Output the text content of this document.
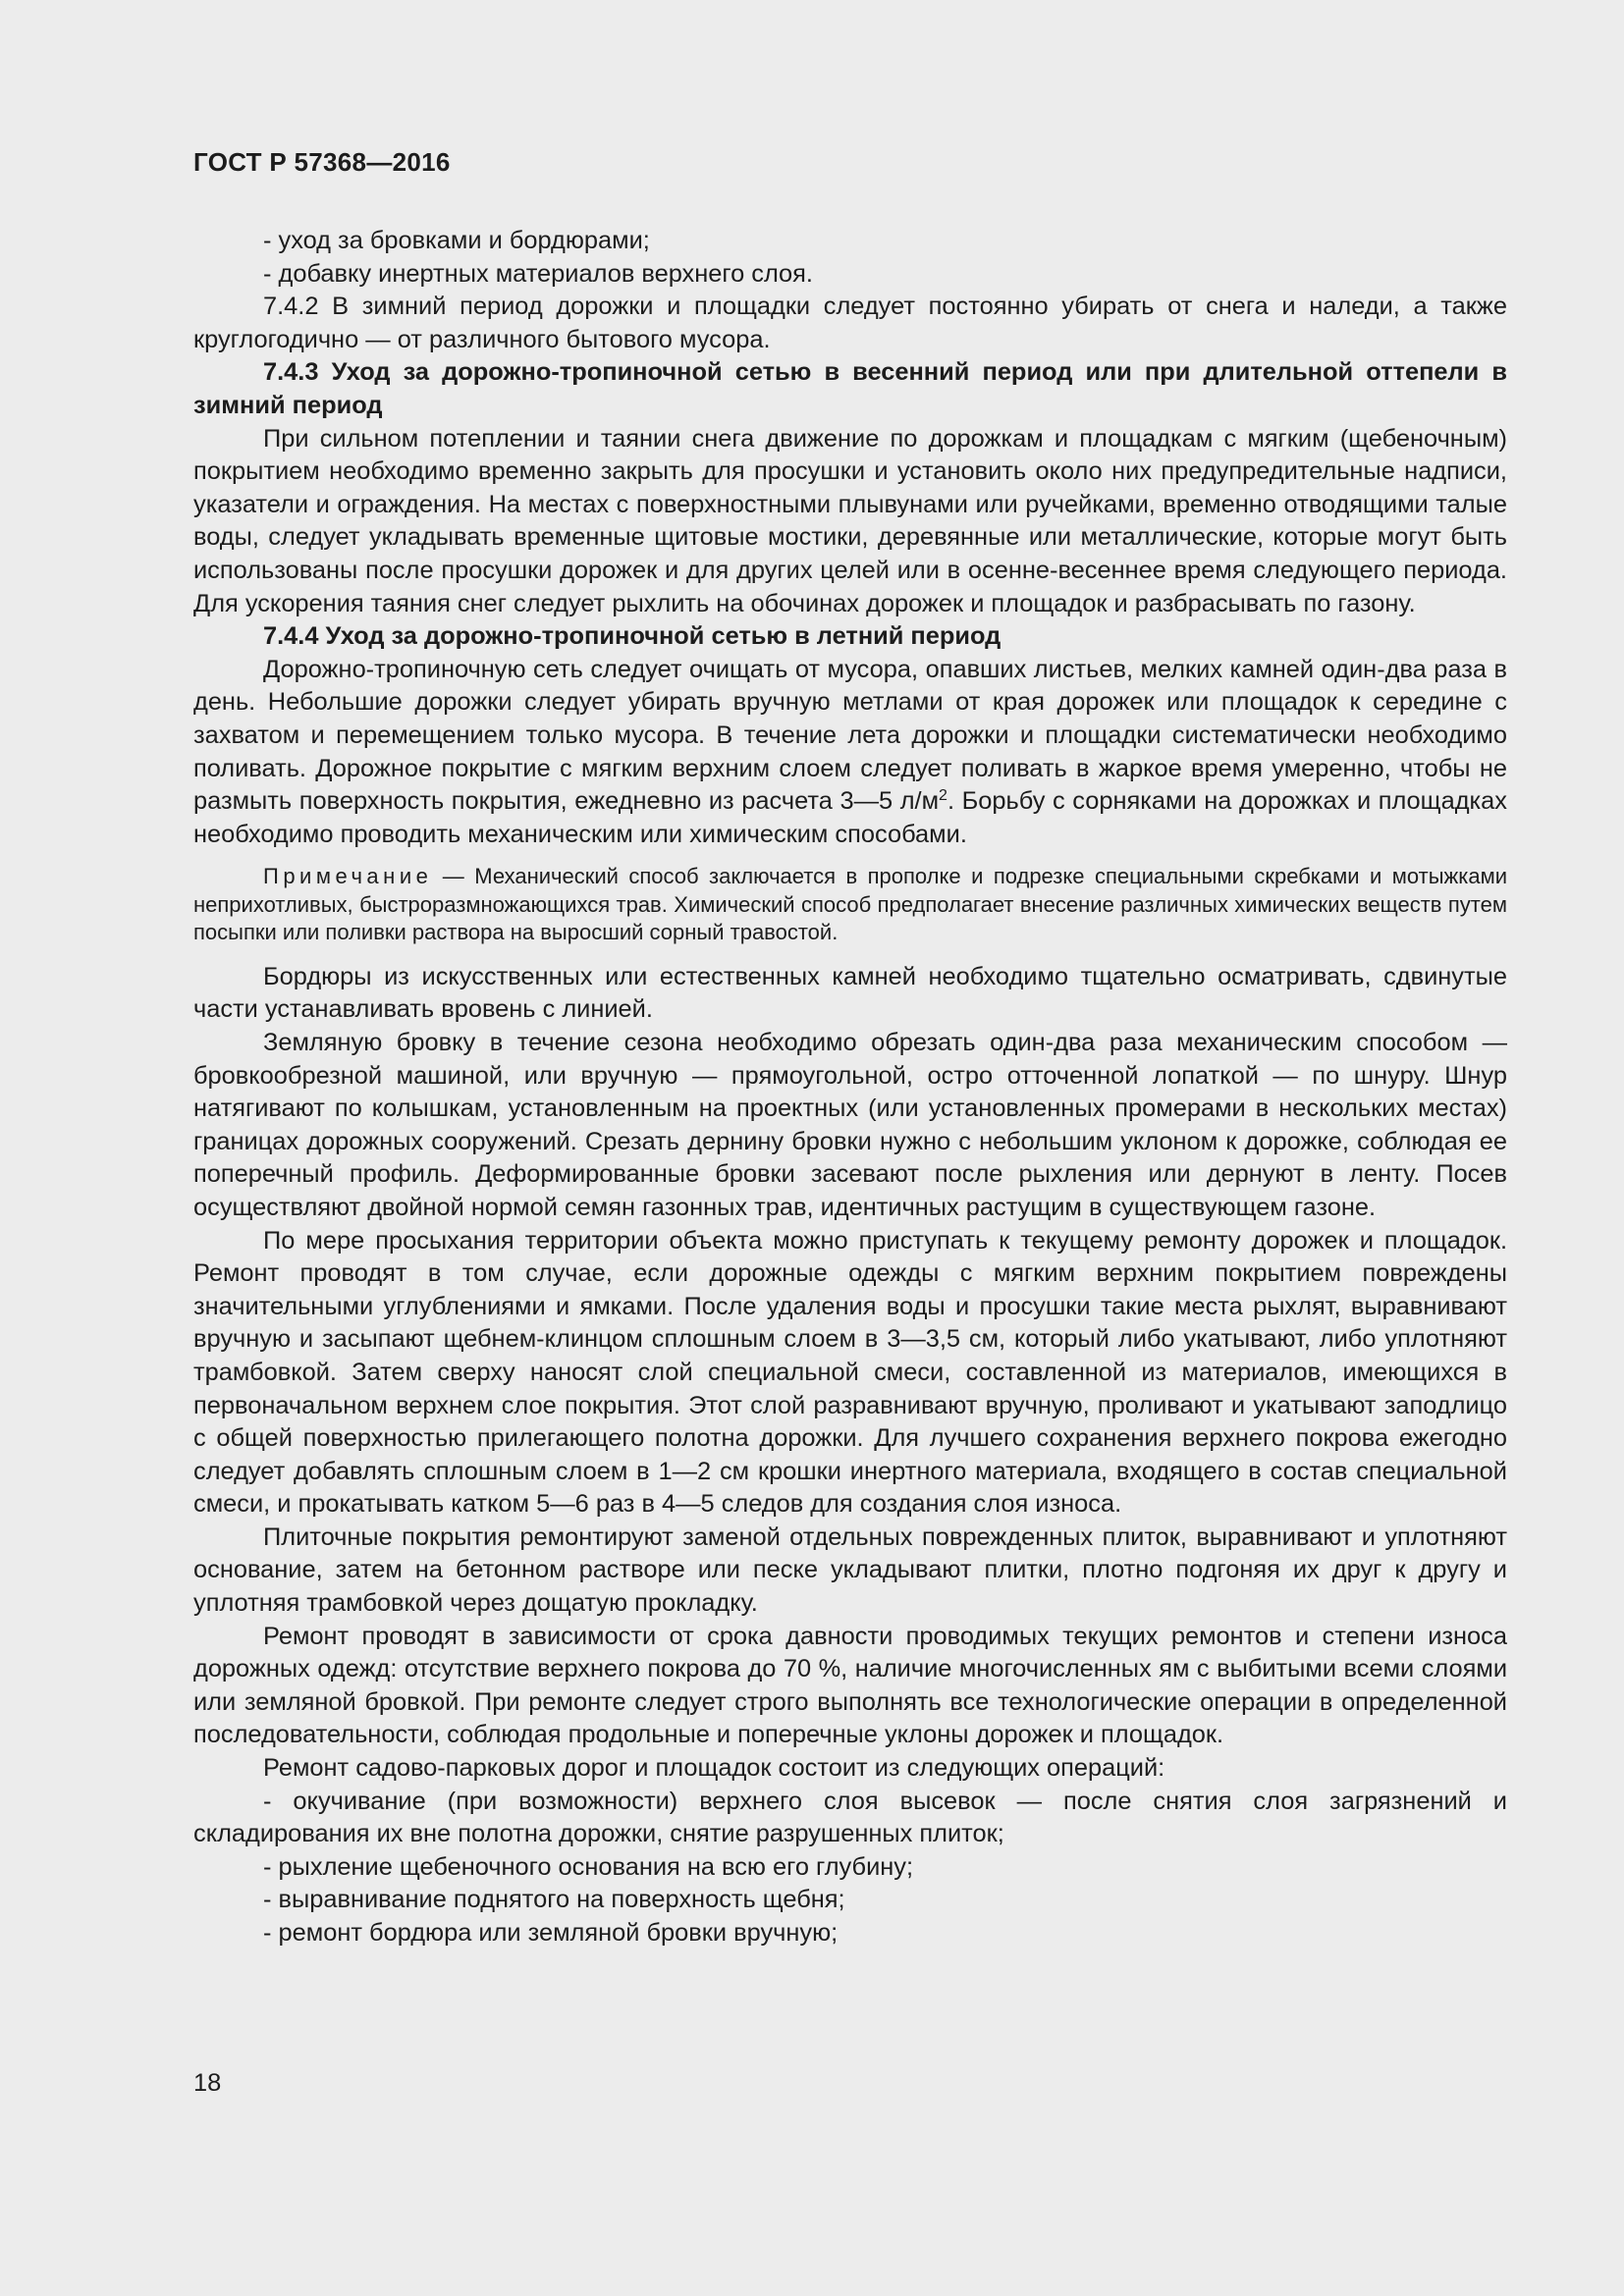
ГОСТ Р 57368—2016

- уход за бровками и бордюрами;

- добавку инертных материалов верхнего слоя.

7.4.2 В зимний период дорожки и площадки следует постоянно убирать от снега и наледи, а также круглогодично — от различного бытового мусора.

7.4.3 Уход за дорожно-тропиночной сетью в весенний период или при длительной оттепели в зимний период

При сильном потеплении и таянии снега движение по дорожкам и площадкам с мягким (щебеночным) покрытием необходимо временно закрыть для просушки и установить около них предупредительные надписи, указатели и ограждения. На местах с поверхностными плывунами или ручейками, временно отводящими талые воды, следует укладывать временные щитовые мостики, деревянные или металлические, которые могут быть использованы после просушки дорожек и для других целей или в осенне-весеннее время следующего периода. Для ускорения таяния снег следует рыхлить на обочинах дорожек и площадок и разбрасывать по газону.

7.4.4 Уход за дорожно-тропиночной сетью в летний период

Дорожно-тропиночную сеть следует очищать от мусора, опавших листьев, мелких камней один-два раза в день. Небольшие дорожки следует убирать вручную метлами от края дорожек или площадок к середине с захватом и перемещением только мусора. В течение лета дорожки и площадки систематически необходимо поливать. Дорожное покрытие с мягким верхним слоем следует поливать в жаркое время умеренно, чтобы не размыть поверхность покрытия, ежедневно из расчета 3—5 $л/м^2$. Борьбу с сорняками на дорожках и площадках необходимо проводить механическим или химическим способами.

Примечание — Механический способ заключается в прополке и подрезке специальными скребками и мотыжками неприхотливых, быстроразмножающихся трав. Химический способ предполагает внесение различных химических веществ путем посыпки или поливки раствора на выросший сорный травостой.

Бордюры из искусственных или естественных камней необходимо тщательно осматривать, сдвинутые части устанавливать вровень с линией.

Земляную бровку в течение сезона необходимо обрезать один-два раза механическим способом — бровкообрезной машиной, или вручную — прямоугольной, остро отточенной лопаткой — по шнуру. Шнур натягивают по колышкам, установленным на проектных (или установленных промерами в нескольких местах) границах дорожных сооружений. Срезать дернину бровки нужно с небольшим уклоном к дорожке, соблюдая ее поперечный профиль. Деформированные бровки засевают после рыхления или дернуют в ленту. Посев осуществляют двойной нормой семян газонных трав, идентичных растущим в существующем газоне.

По мере просыхания территории объекта можно приступать к текущему ремонту дорожек и площадок. Ремонт проводят в том случае, если дорожные одежды с мягким верхним покрытием повреждены значительными углублениями и ямками. После удаления воды и просушки такие места рыхлят, выравнивают вручную и засыпают щебнем-клинцом сплошным слоем в 3—3,5 см, который либо укатывают, либо уплотняют трамбовкой. Затем сверху наносят слой специальной смеси, составленной из материалов, имеющихся в первоначальном верхнем слое покрытия. Этот слой разравнивают вручную, проливают и укатывают заподлицо с общей поверхностью прилегающего полотна дорожки. Для лучшего сохранения верхнего покрова ежегодно следует добавлять сплошным слоем в 1—2 см крошки инертного материала, входящего в состав специальной смеси, и прокатывать катком 5—6 раз в 4—5 следов для создания слоя износа.

Плиточные покрытия ремонтируют заменой отдельных поврежденных плиток, выравнивают и уплотняют основание, затем на бетонном растворе или песке укладывают плитки, плотно подгоняя их друг к другу и уплотняя трамбовкой через дощатую прокладку.

Ремонт проводят в зависимости от срока давности проводимых текущих ремонтов и степени износа дорожных одежд: отсутствие верхнего покрова до 70 %, наличие многочисленных ям с выбитыми всеми слоями или земляной бровкой. При ремонте следует строго выполнять все технологические операции в определенной последовательности, соблюдая продольные и поперечные уклоны дорожек и площадок.

Ремонт садово-парковых дорог и площадок состоит из следующих операций:

- окучивание (при возможности) верхнего слоя высевок — после снятия слоя загрязнений и складирования их вне полотна дорожки, снятие разрушенных плиток;

- рыхление щебеночного основания на всю его глубину;

- выравнивание поднятого на поверхность щебня;

- ремонт бордюра или земляной бровки вручную;

18
